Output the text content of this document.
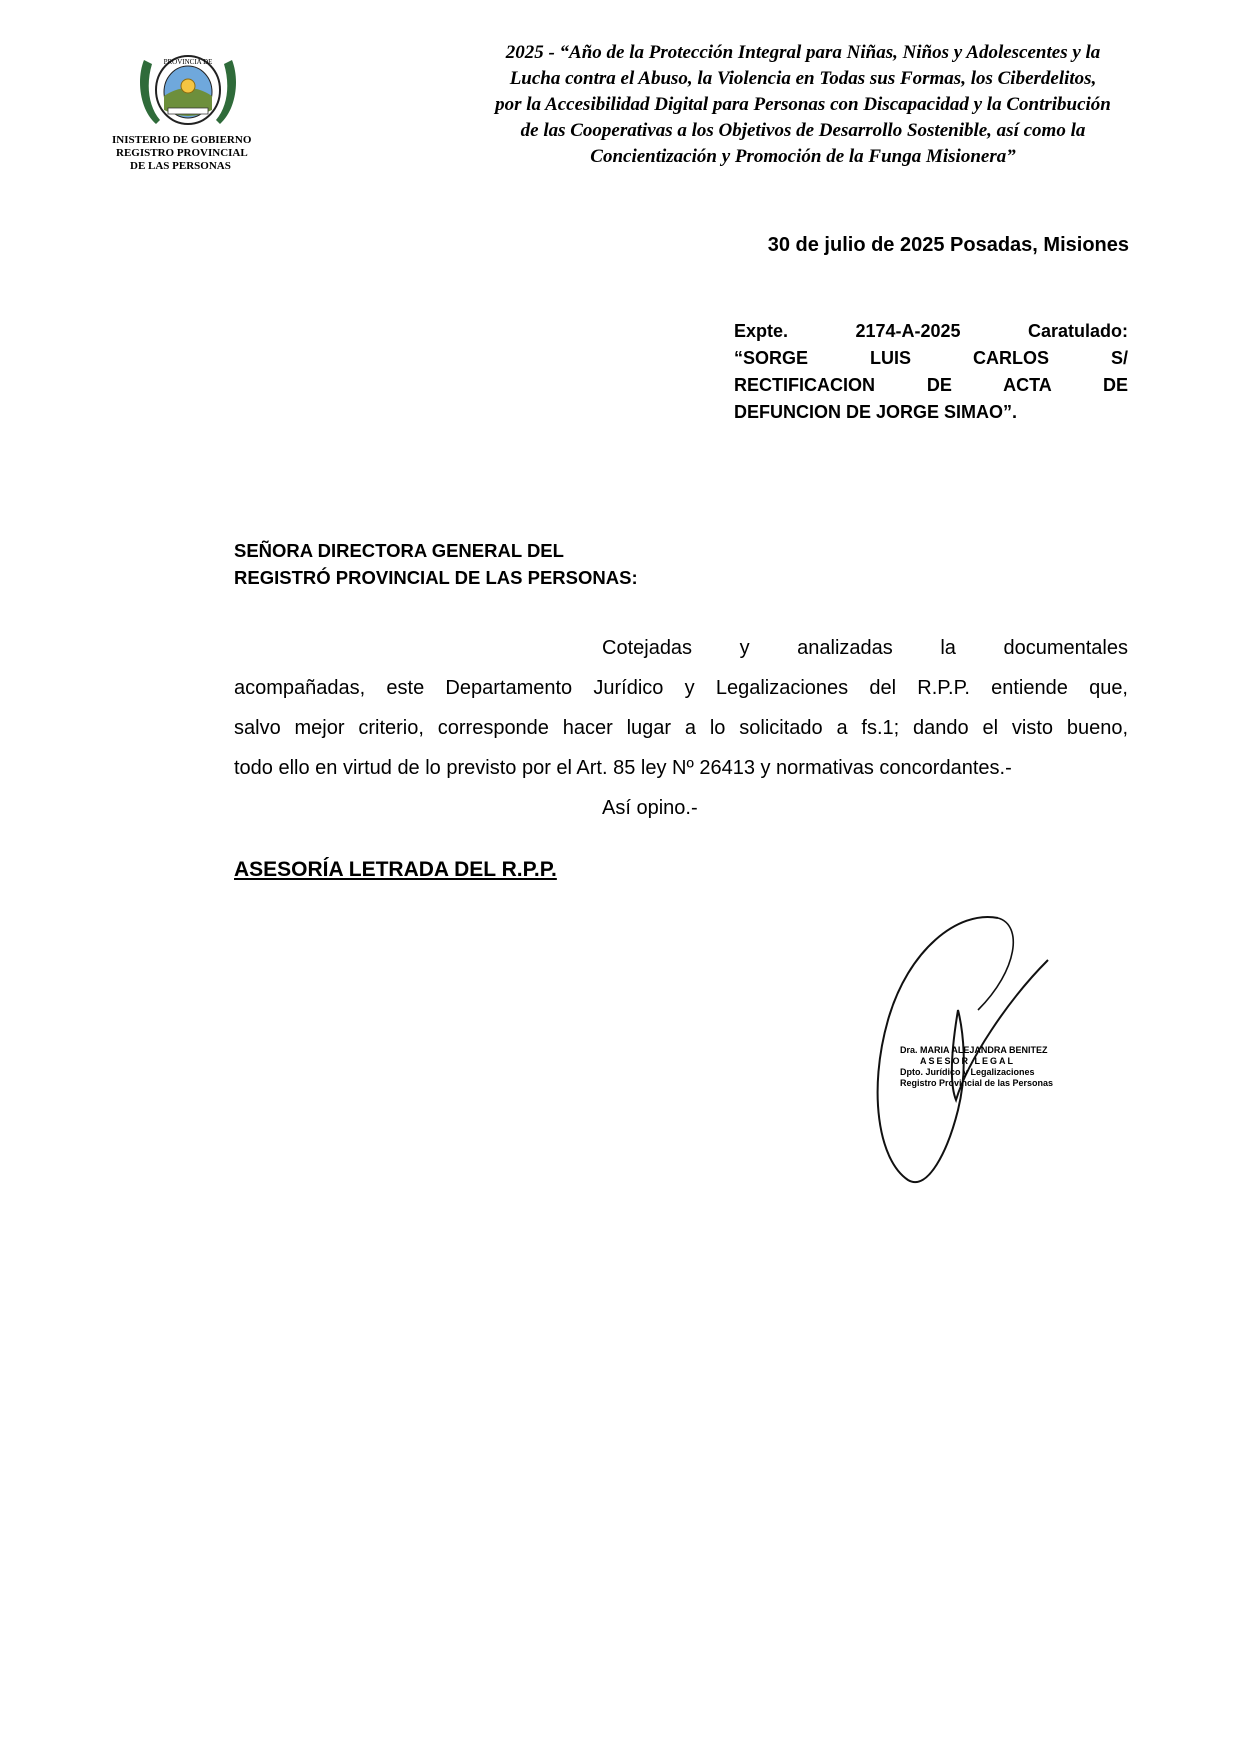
PROVINCIA DE
INISTERIO DE GOBIERNO
REGISTRO PROVINCIAL
DE LAS PERSONAS
2025 - “Año de la Protección Integral para Niñas, Niños y Adolescentes y la
Lucha contra el Abuso, la Violencia en Todas sus Formas, los Ciberdelitos,
por la Accesibilidad Digital para Personas con Discapacidad y la Contribución
de las Cooperativas a los Objetivos de Desarrollo Sostenible, así como la
Concientización y Promoción de la Funga Misionera”
30 de julio de 2025 Posadas, Misiones
Expte. 2174-A-2025 Caratulado:
“SORGE LUIS CARLOS S/
RECTIFICACION DE ACTA DE
DEFUNCION DE JORGE SIMAO”.
SEÑORA DIRECTORA GENERAL DEL
REGISTRÓ PROVINCIAL DE LAS PERSONAS:
Cotejadas y analizadas la documentales
acompañadas, este Departamento Jurídico y Legalizaciones del R.P.P. entiende que,
salvo mejor criterio, corresponde hacer lugar a lo solicitado a fs.1; dando el visto bueno,
todo ello en virtud de lo previsto por el Art. 85 ley Nº 26413 y normativas concordantes.-
Así opino.-
ASESORÍA LETRADA DEL R.P.P.
Dra. MARIA ALEJANDRA BENITEZ
ASESOR LEGAL
Dpto. Jurídico y Legalizaciones
Registro Provincial de las Personas
